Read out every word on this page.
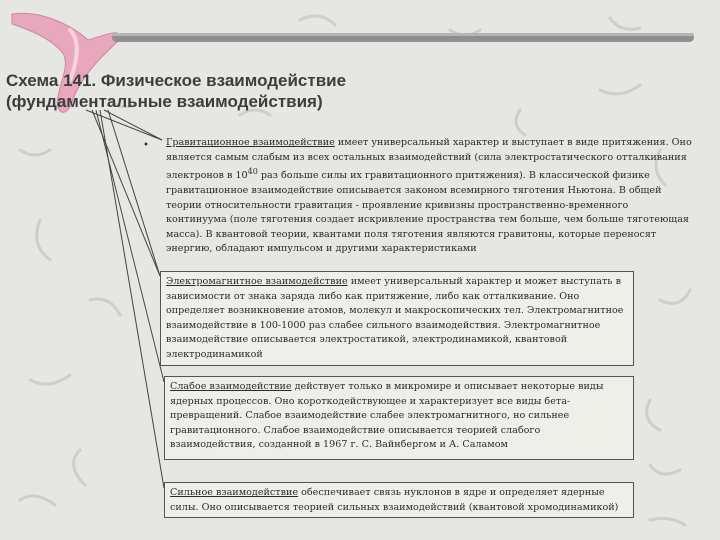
Схема 141. Физическое взаимодействие
(фундаментальные взаимодействия)
•	Гравитационное взаимодействие имеет универсальный характер и выступает в виде притяжения. Оно является самым слабым из всех остальных взаимодействий (сила электростатического отталкивания электронов в $10^{40}$ раз больше силы их гравитационного притяжения). В классической физике гравитационное взаимодействие описывается законом всемирного тяготения Ньютона. В общей теории относительности гравитация - проявление кривизны пространственно-временного континуума (поле тяготения создает искривление пространства тем больше, чем больше тяготеющая масса). В квантовой теории, квантами поля тяготения являются гравитоны, которые переносят энергию, обладают импульсом и другими характеристиками
Электромагнитное взаимодействие имеет универсальный характер и может выступать в зависимости от знака заряда либо как притяжение, либо как отталкивание. Оно определяет возникновение атомов, молекул и макроскопических тел. Электромагнитное взаимодействие в 100-1000 раз слабее сильного взаимодействия. Электромагнитное взаимодействие описывается электростатикой, электродинамикой, квантовой электродинамикой
Слабое взаимодействие действует только в микромире и описывает некоторые виды ядерных процессов. Оно короткодействующее и характеризует все виды бета-превращений. Слабое взаимодействие слабее электромагнитного, но сильнее гравитационного. Слабое взаимодействие описывается теорией слабого взаимодействия, созданной в 1967 г. С. Вайнбергом и А. Саламом
Сильное взаимодействие обеспечивает связь нуклонов в ядре и определяет ядерные силы. Оно описывается теорией сильных взаимодействий (квантовой хромодинамикой)
